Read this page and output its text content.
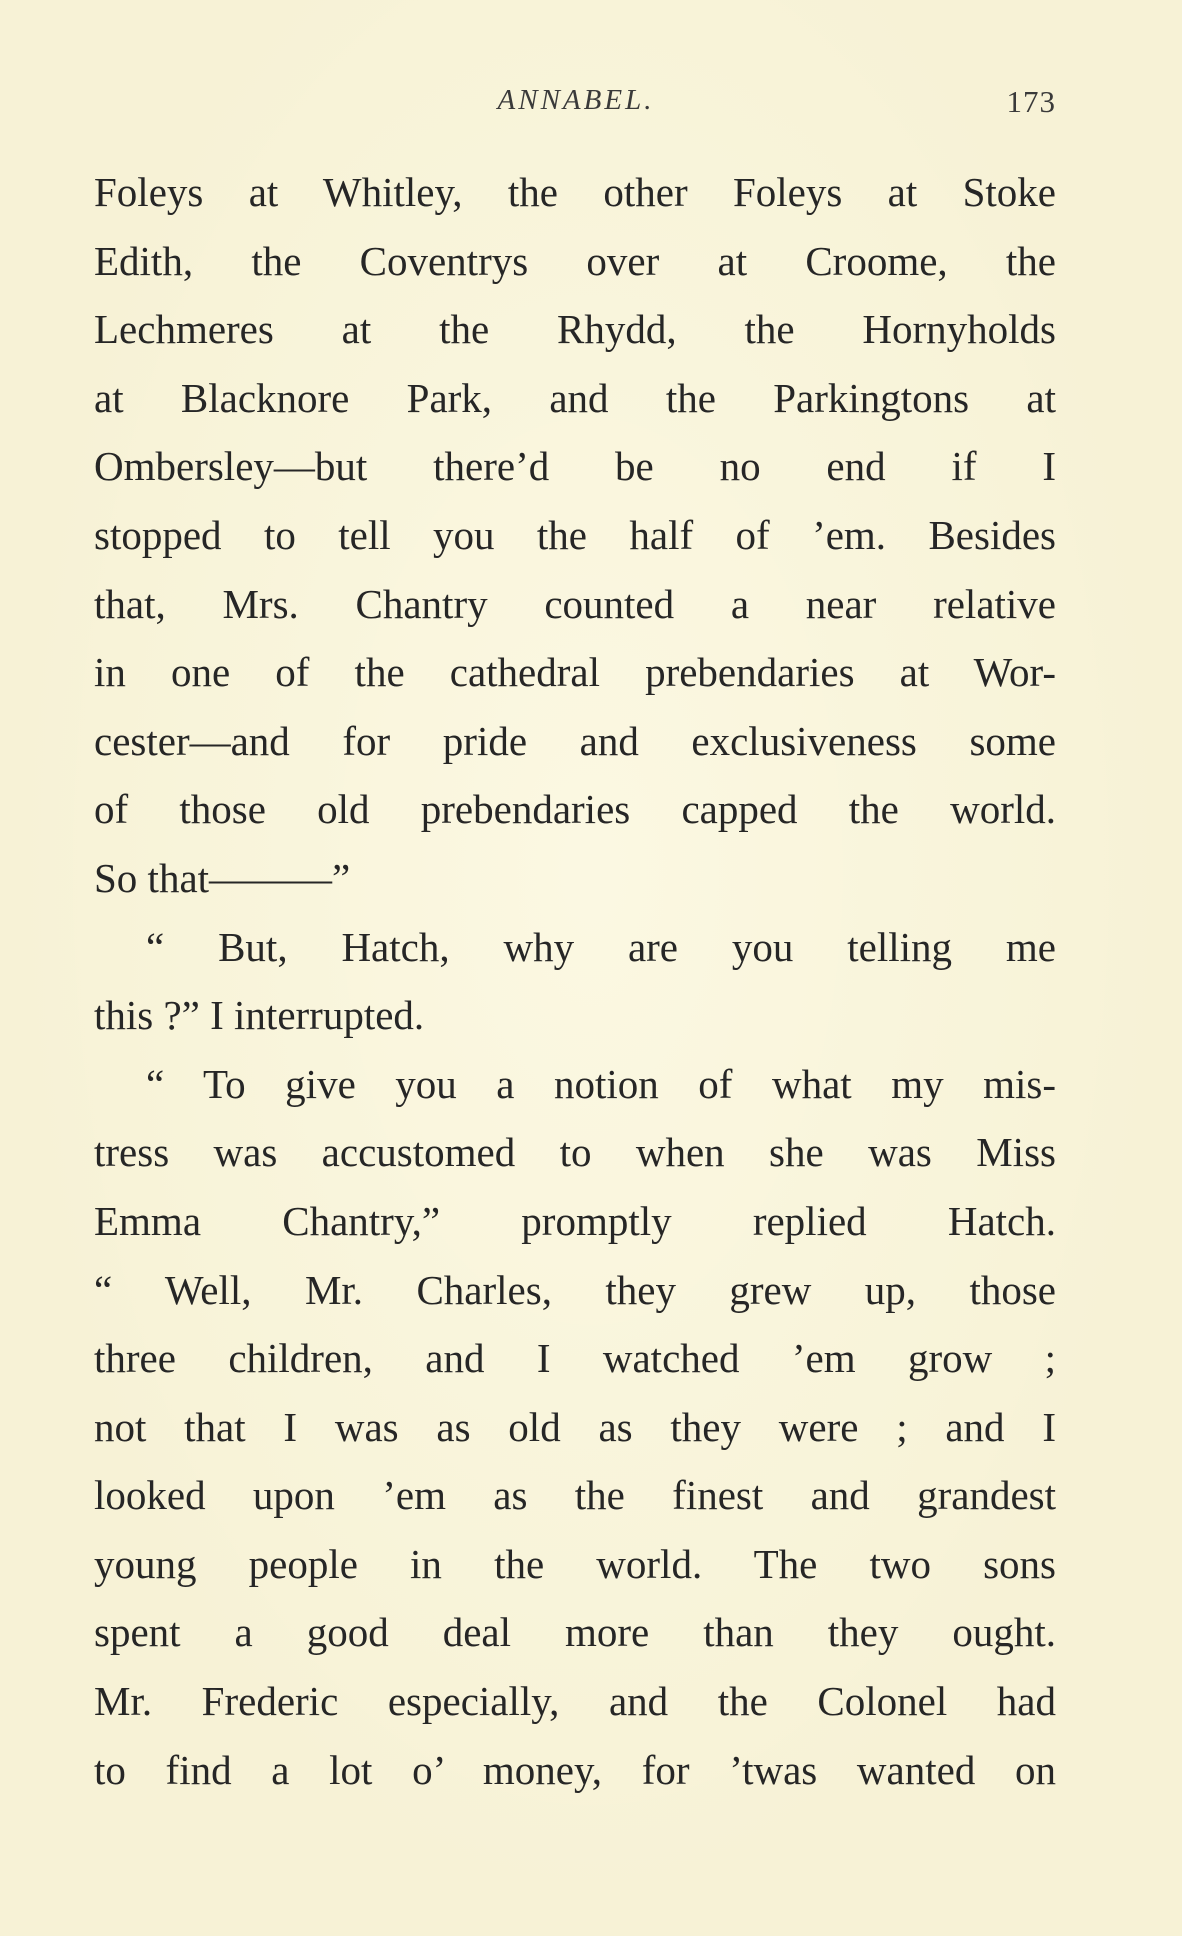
ANNABEL.	173
Foleys at Whitley, the other Foleys at Stoke
Edith, the Coventrys over at Croome, the
Lechmeres at the Rhydd, the Hornyholds
at Blacknore Park, and the Parkingtons at
Ombersley—but there’d be no end if I
stopped to tell you the half of ’em. Besides
that, Mrs. Chantry counted a near relative
in one of the cathedral prebendaries at Wor-
cester—and for pride and exclusiveness some
of those old prebendaries capped the world.
So that———”
“ But, Hatch, why are you telling me
this ?” I interrupted.
“ To give you a notion of what my mis-
tress was accustomed to when she was Miss
Emma Chantry,” promptly replied Hatch.
“ Well, Mr. Charles, they grew up, those
three children, and I watched ’em grow ;
not that I was as old as they were ; and I
looked upon ’em as the finest and grandest
young people in the world. The two sons
spent a good deal more than they ought.
Mr. Frederic especially, and the Colonel had
to find a lot o’ money, for ’twas wanted on
